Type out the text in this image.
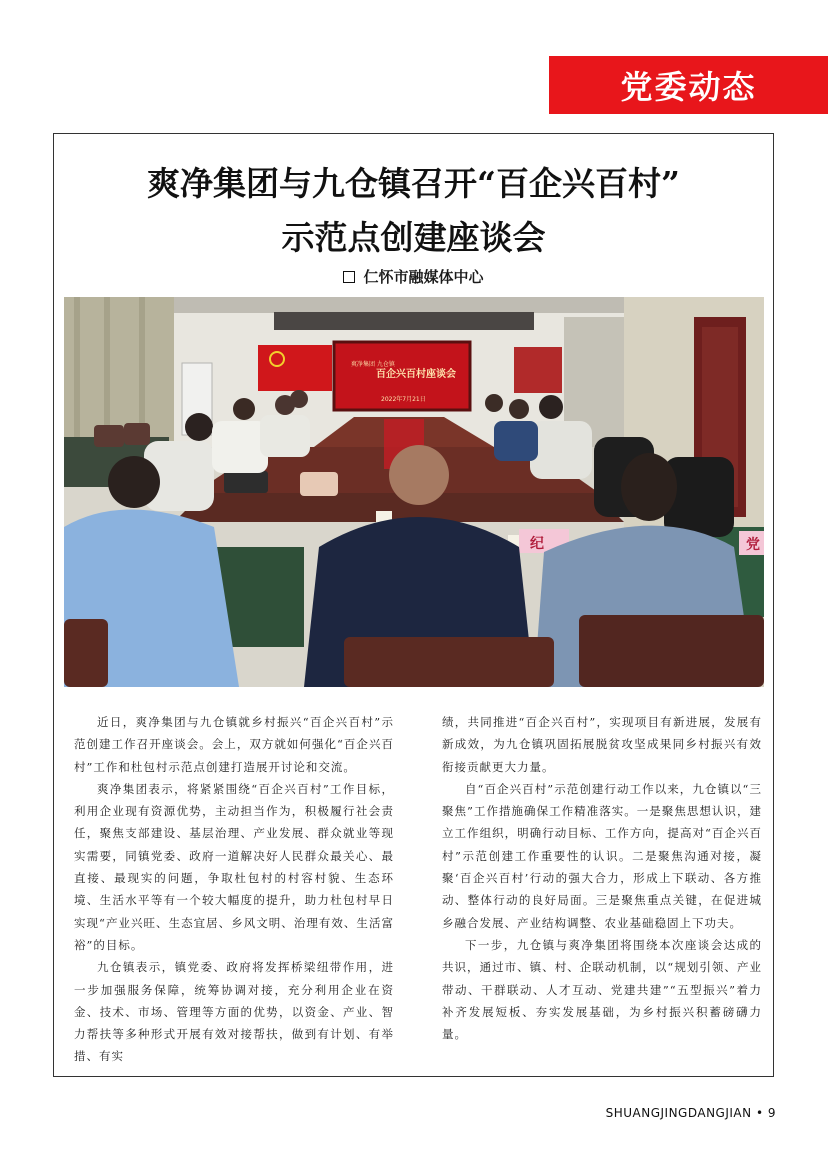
党委动态
爽净集团与九仓镇召开“百企兴百村”
示范点创建座谈会
仁怀市融媒体中心
爽净集团 九仓镇
百企兴百村座谈会
2022年7月21日
纪	党

近日，爽净集团与九仓镇就乡村振兴“百企兴百村”示范创建工作召开座谈会。会上，双方就如何强化“百企兴百村”工作和杜包村示范点创建打造展开讨论和交流。

爽净集团表示，将紧紧围绕“百企兴百村”工作目标，利用企业现有资源优势，主动担当作为，积极履行社会责任，聚焦支部建设、基层治理、产业发展、群众就业等现实需要，同镇党委、政府一道解决好人民群众最关心、最直接、最现实的问题，争取杜包村的村容村貌、生态环境、生活水平等有一个较大幅度的提升，助力杜包村早日实现“产业兴旺、生态宜居、乡风文明、治理有效、生活富裕”的目标。

九仓镇表示，镇党委、政府将发挥桥梁纽带作用，进一步加强服务保障，统筹协调对接，充分利用企业在资金、技术、市场、管理等方面的优势，以资金、产业、智力帮扶等多种形式开展有效对接帮扶，做到有计划、有举措、有实

绩，共同推进“百企兴百村”，实现项目有新进展，发展有新成效，为九仓镇巩固拓展脱贫攻坚成果同乡村振兴有效衔接贡献更大力量。

自“百企兴百村”示范创建行动工作以来，九仓镇以“三聚焦”工作措施确保工作精准落实。一是聚焦思想认识，建立工作组织，明确行动目标、工作方向，提高对“百企兴百村”示范创建工作重要性的认识。二是聚焦沟通对接，凝聚‘百企兴百村’行动的强大合力，形成上下联动、各方推动、整体行动的良好局面。三是聚焦重点关键，在促进城乡融合发展、产业结构调整、农业基础稳固上下功夫。

下一步，九仓镇与爽净集团将围绕本次座谈会达成的共识，通过市、镇、村、企联动机制，以“规划引领、产业带动、干群联动、人才互动、党建共建”“五型振兴”着力补齐发展短板、夯实发展基础，为乡村振兴积蓄磅礴力量。

SHUANGJINGDANGJIAN • 9
